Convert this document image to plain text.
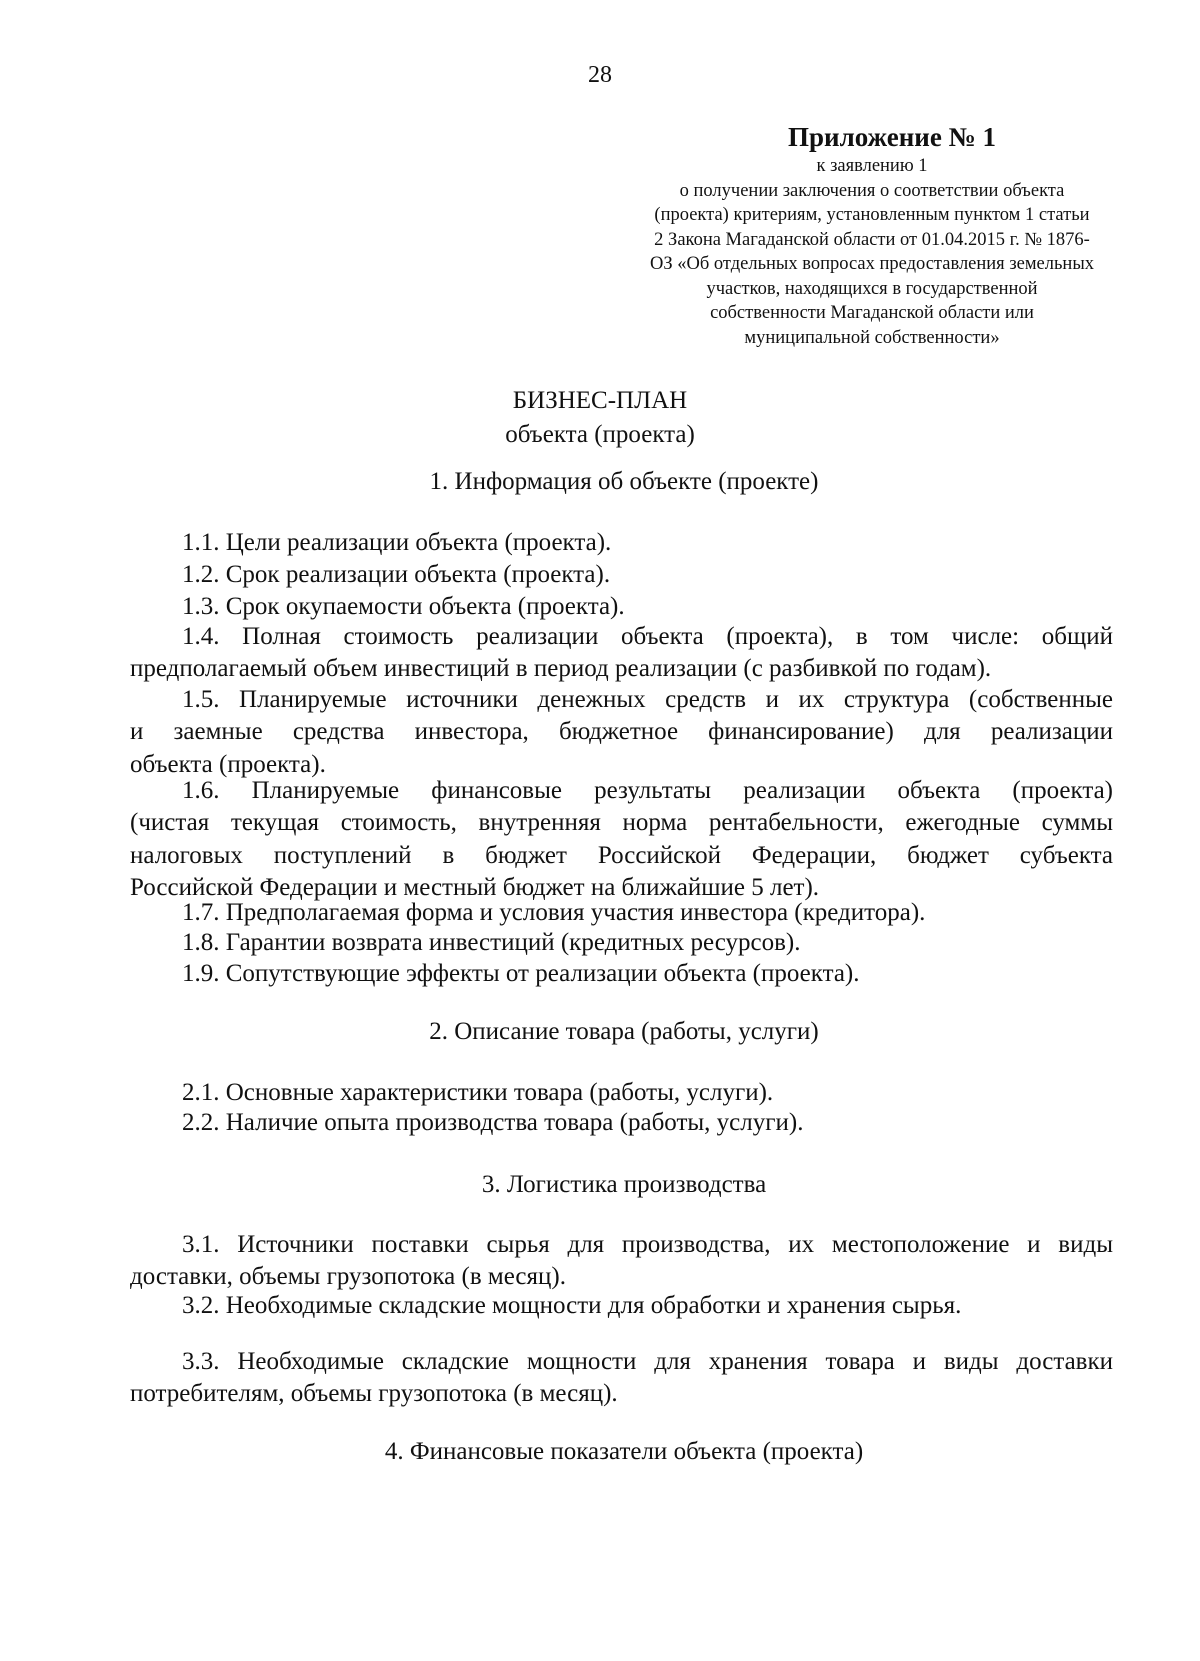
28
Приложение № 1
к заявлению 1
о получении заключения о соответствии объекта
(проекта) критериям, установленным пунктом 1 статьи
2 Закона Магаданской области от 01.04.2015 г. № 1876-
ОЗ «Об отдельных вопросах предоставления земельных
участков, находящихся в государственной
собственности Магаданской области или
муниципальной собственности»
БИЗНЕС-ПЛАН
объекта (проекта)
1. Информация об объекте (проекте)
1.1. Цели реализации объекта (проекта).
1.2. Срок реализации объекта (проекта).
1.3. Срок окупаемости объекта (проекта).
1.4. Полная стоимость реализации объекта (проекта), в том числе: общий
предполагаемый объем инвестиций в период реализации (с разбивкой по годам).
1.5. Планируемые источники денежных средств и их структура (собственные
и заемные средства инвестора, бюджетное финансирование) для реализации
объекта (проекта).
1.6. Планируемые финансовые результаты реализации объекта (проекта)
(чистая текущая стоимость, внутренняя норма рентабельности, ежегодные суммы
налоговых поступлений в бюджет Российской Федерации, бюджет субъекта
Российской Федерации и местный бюджет на ближайшие 5 лет).
1.7. Предполагаемая форма и условия участия инвестора (кредитора).
1.8. Гарантии возврата инвестиций (кредитных ресурсов).
1.9. Сопутствующие эффекты от реализации объекта (проекта).
2. Описание товара (работы, услуги)
2.1. Основные характеристики товара (работы, услуги).
2.2. Наличие опыта производства товара (работы, услуги).
3. Логистика производства
3.1. Источники поставки сырья для производства, их местоположение и виды
доставки, объемы грузопотока (в месяц).
3.2. Необходимые складские мощности для обработки и хранения сырья.
3.3. Необходимые складские мощности для хранения товара и виды доставки
потребителям, объемы грузопотока (в месяц).
4. Финансовые показатели объекта (проекта)
